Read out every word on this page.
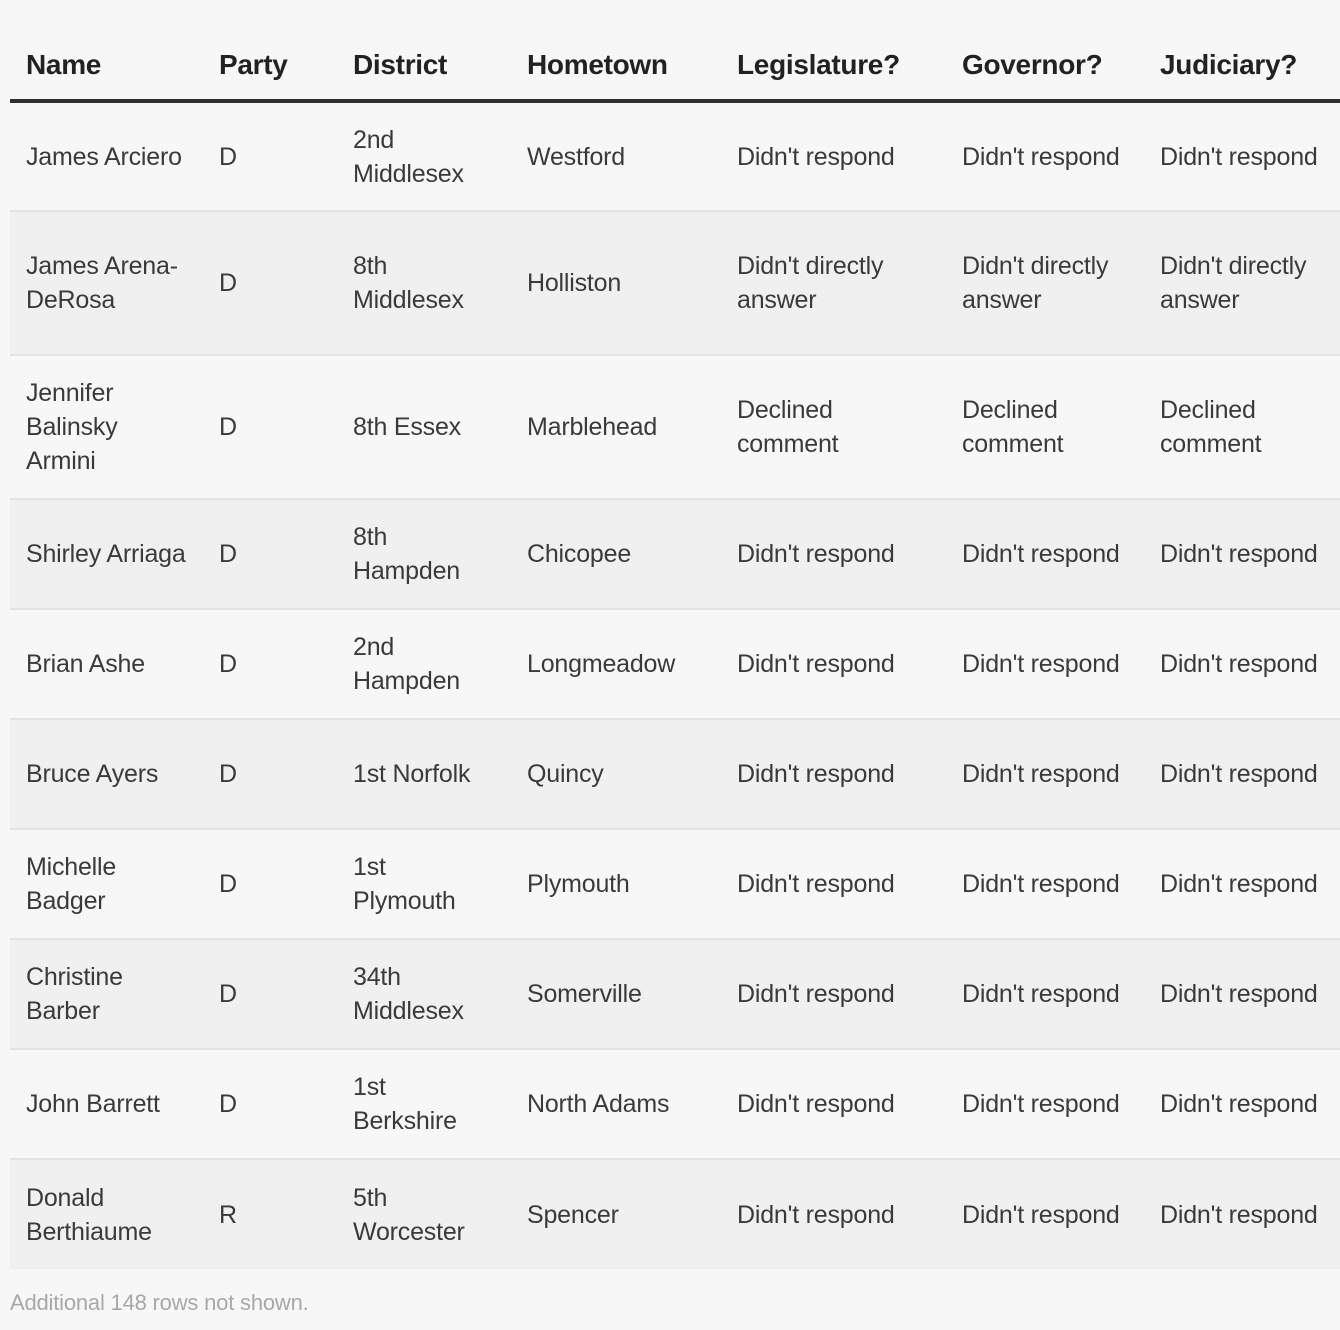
Name	Party	District	Hometown	Legislature?	Governor?	Judiciary?
James Arciero	D	2nd Middlesex	Westford	Didn't respond	Didn't respond	Didn't respond
James Arena-DeRosa	D	8th Middlesex	Holliston	Didn't directly answer	Didn't directly answer	Didn't directly answer
Jennifer Balinsky Armini	D	8th Essex	Marblehead	Declined comment	Declined comment	Declined comment
Shirley Arriaga	D	8th Hampden	Chicopee	Didn't respond	Didn't respond	Didn't respond
Brian Ashe	D	2nd Hampden	Longmeadow	Didn't respond	Didn't respond	Didn't respond
Bruce Ayers	D	1st Norfolk	Quincy	Didn't respond	Didn't respond	Didn't respond
Michelle Badger	D	1st Plymouth	Plymouth	Didn't respond	Didn't respond	Didn't respond
Christine Barber	D	34th Middlesex	Somerville	Didn't respond	Didn't respond	Didn't respond
John Barrett	D	1st Berkshire	North Adams	Didn't respond	Didn't respond	Didn't respond
Donald Berthiaume	R	5th Worcester	Spencer	Didn't respond	Didn't respond	Didn't respond
Additional 148 rows not shown.
